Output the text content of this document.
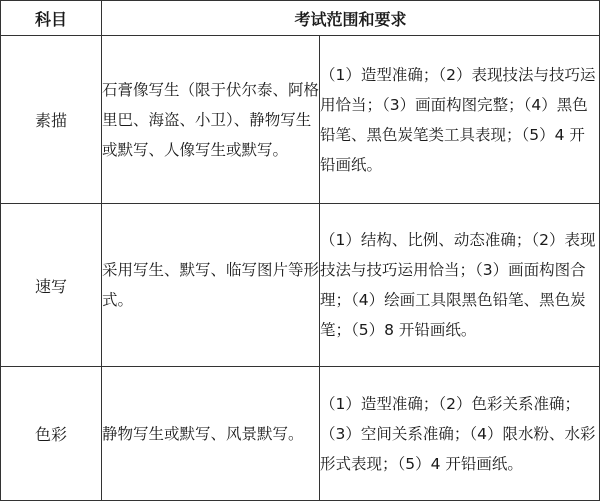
科目	考试范围和要求	
素描	石膏像写生（限于伏尔泰、阿格里巴、海盗、小卫）、静物写生或默写、人像写生或默写。	（1）造型准确；（2）表现技法与技巧运用恰当；（3）画面构图完整；（4）黑色铅笔、黑色炭笔类工具表现；（5）4 开铅画纸。

速写	采用写生、默写、临写图片等形式。	（1）结构、比例、动态准确；（2）表现技法与技巧运用恰当；（3）画面构图合理；（4）绘画工具限黑色铅笔、黑色炭笔；（5）8 开铅画纸。

色彩	静物写生或默写、风景默写。	（1）造型准确；（2）色彩关系准确；（3）空间关系准确；（4）限水粉、水彩形式表现；（5）4 开铅画纸。
